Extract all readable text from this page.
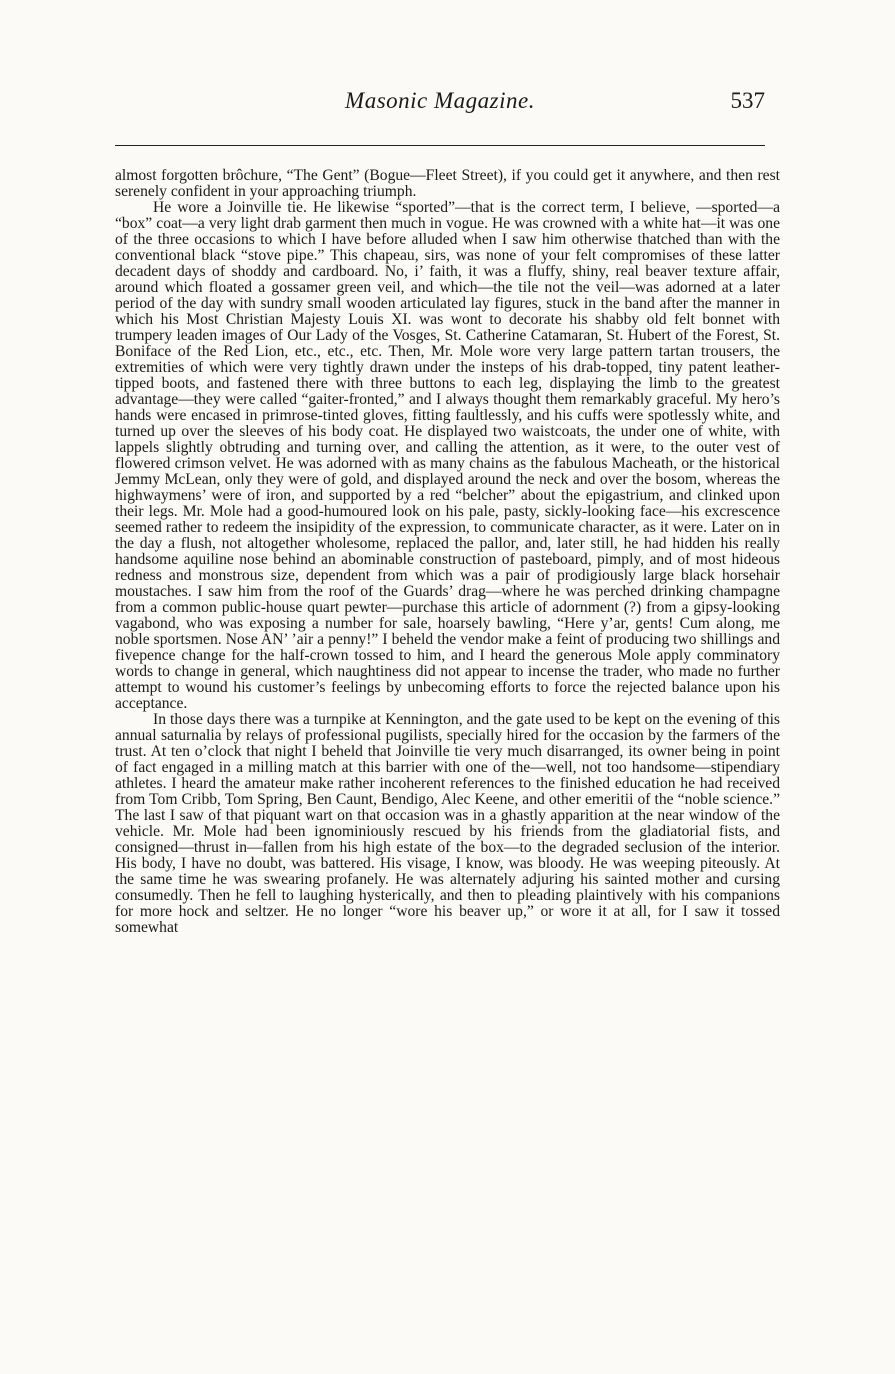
Masonic Magazine.	537

almost forgotten brôchure, “The Gent” (Bogue—Fleet Street), if you could get it anywhere, and then rest serenely confident in your approaching triumph.

He wore a Joinville tie. He likewise “sported”—that is the correct term, I believe, —sported—a “box” coat—a very light drab garment then much in vogue. He was crowned with a white hat—it was one of the three occasions to which I have before alluded when I saw him otherwise thatched than with the conventional black “stove pipe.” This chapeau, sirs, was none of your felt compromises of these latter decadent days of shoddy and cardboard. No, i’ faith, it was a fluffy, shiny, real beaver texture affair, around which floated a gossamer green veil, and which—the tile not the veil—was adorned at a later period of the day with sundry small wooden articulated lay figures, stuck in the band after the manner in which his Most Christian Majesty Louis XI. was wont to decorate his shabby old felt bonnet with trumpery leaden images of Our Lady of the Vosges, St. Catherine Catamaran, St. Hubert of the Forest, St. Boniface of the Red Lion, etc., etc., etc. Then, Mr. Mole wore very large pattern tartan trousers, the extremities of which were very tightly drawn under the insteps of his drab-topped, tiny patent leather-tipped boots, and fastened there with three buttons to each leg, displaying the limb to the greatest advantage—they were called “gaiter-fronted,” and I always thought them remarkably graceful. My hero’s hands were encased in primrose-tinted gloves, fitting faultlessly, and his cuffs were spotlessly white, and turned up over the sleeves of his body coat. He displayed two waistcoats, the under one of white, with lappels slightly obtruding and turning over, and calling the attention, as it were, to the outer vest of flowered crimson velvet. He was adorned with as many chains as the fabulous Macheath, or the historical Jemmy McLean, only they were of gold, and displayed around the neck and over the bosom, whereas the highwaymens’ were of iron, and supported by a red “belcher” about the epigastrium, and clinked upon their legs. Mr. Mole had a good-humoured look on his pale, pasty, sickly-looking face—his excrescence seemed rather to redeem the insipidity of the expression, to communicate character, as it were. Later on in the day a flush, not altogether wholesome, replaced the pallor, and, later still, he had hidden his really handsome aquiline nose behind an abominable construction of pasteboard, pimply, and of most hideous redness and monstrous size, dependent from which was a pair of prodigiously large black horsehair moustaches. I saw him from the roof of the Guards’ drag—where he was perched drinking champagne from a common public-house quart pewter—purchase this article of adornment (?) from a gipsy-looking vagabond, who was exposing a number for sale, hoarsely bawling, “Here y’ar, gents! Cum along, me noble sportsmen. Nose AN’ ’air a penny!” I beheld the vendor make a feint of producing two shillings and fivepence change for the half-crown tossed to him, and I heard the generous Mole apply comminatory words to change in general, which naughtiness did not appear to incense the trader, who made no further attempt to wound his customer’s feelings by unbecoming efforts to force the rejected balance upon his acceptance.

In those days there was a turnpike at Kennington, and the gate used to be kept on the evening of this annual saturnalia by relays of professional pugilists, specially hired for the occasion by the farmers of the trust. At ten o’clock that night I beheld that Joinville tie very much disarranged, its owner being in point of fact engaged in a milling match at this barrier with one of the—well, not too handsome—stipendiary athletes. I heard the amateur make rather incoherent references to the finished education he had received from Tom Cribb, Tom Spring, Ben Caunt, Bendigo, Alec Keene, and other emeritii of the “noble science.” The last I saw of that piquant wart on that occasion was in a ghastly apparition at the near window of the vehicle. Mr. Mole had been ignominiously rescued by his friends from the gladiatorial fists, and consigned—thrust in—fallen from his high estate of the box—to the degraded seclusion of the interior. His body, I have no doubt, was battered. His visage, I know, was bloody. He was weeping piteously. At the same time he was swearing profanely. He was alternately adjuring his sainted mother and cursing consumedly. Then he fell to laughing hysterically, and then to pleading plaintively with his companions for more hock and seltzer. He no longer “wore his beaver up,” or wore it at all, for I saw it tossed somewhat
